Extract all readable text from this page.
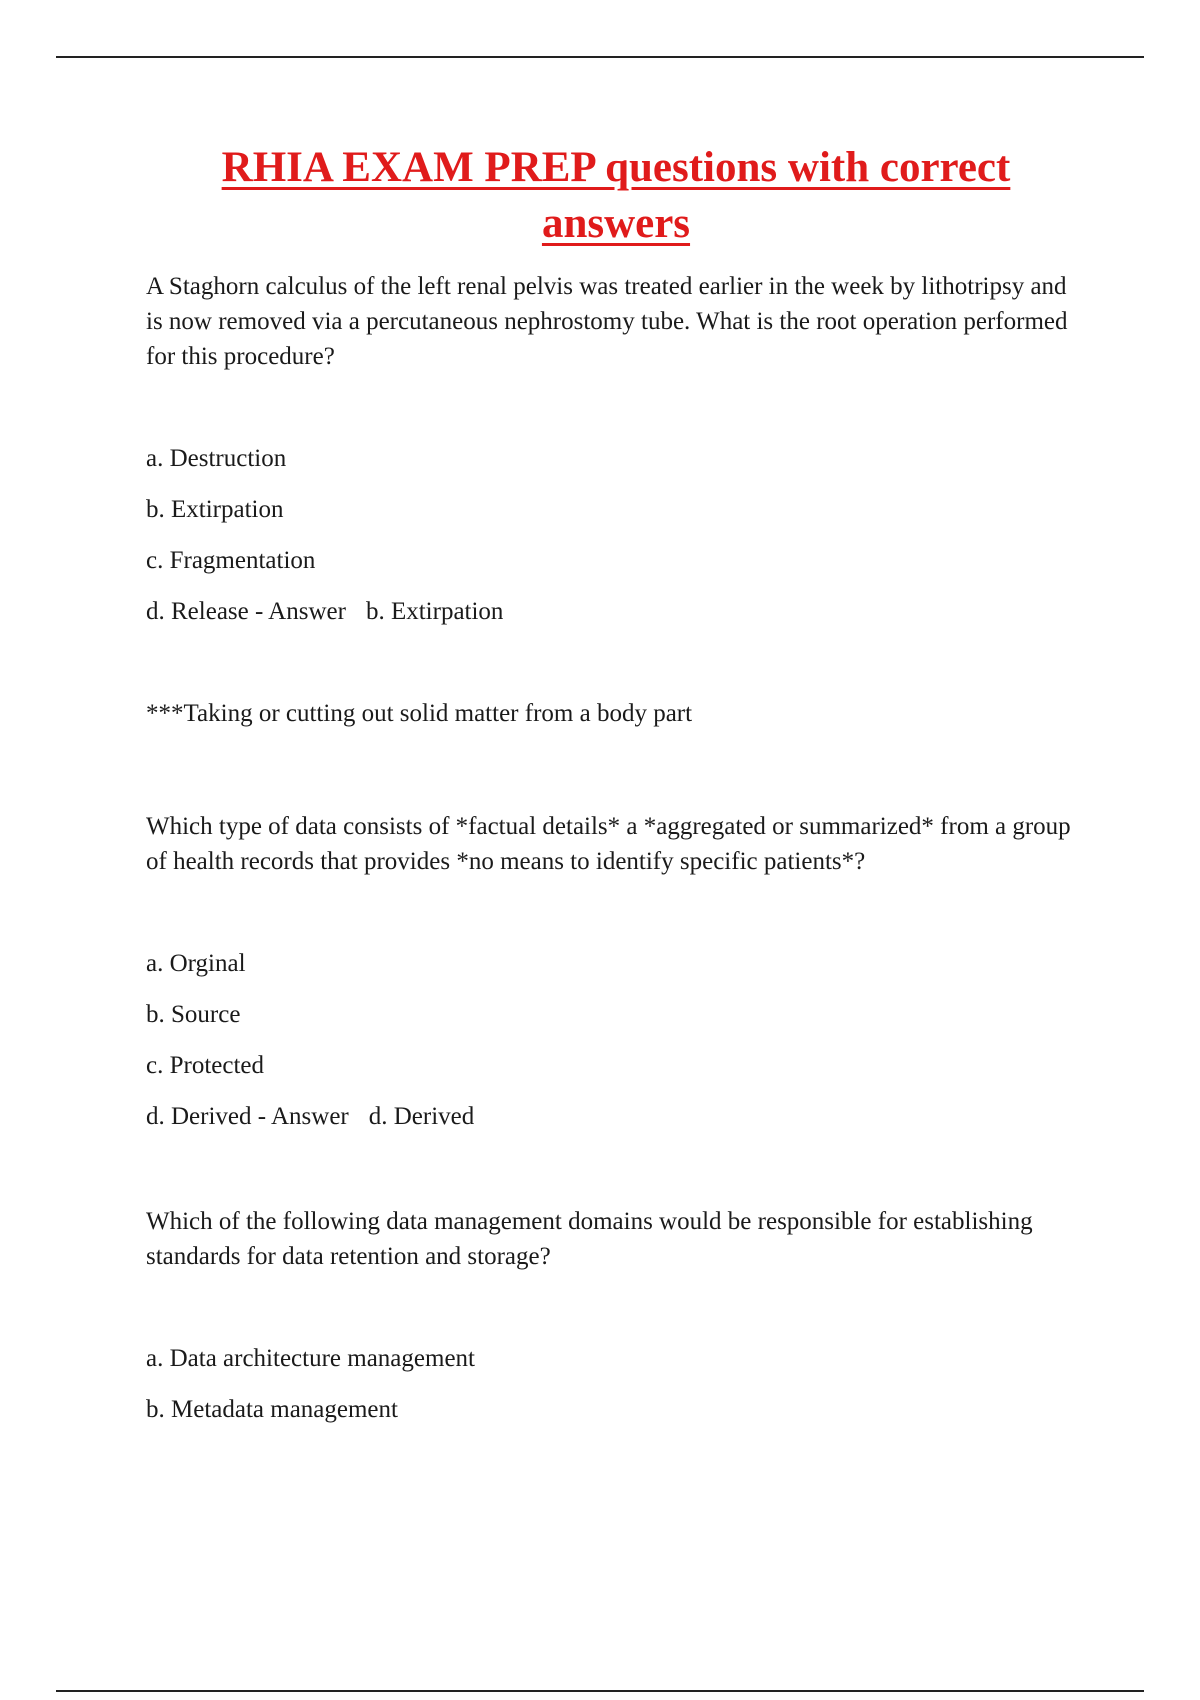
RHIA EXAM PREP questions with correct
answers

A Staghorn calculus of the left renal pelvis was treated earlier in the week by lithotripsy and is now removed via a percutaneous nephrostomy tube. What is the root operation performed for this procedure?

a. Destruction

b. Extirpation

c. Fragmentation

d. Release - Answer b. Extirpation

***Taking or cutting out solid matter from a body part

Which type of data consists of *factual details* a *aggregated or summarized* from a group of health records that provides *no means to identify specific patients*?

a. Orginal

b. Source

c. Protected

d. Derived - Answer d. Derived

Which of the following data management domains would be responsible for establishing standards for data retention and storage?

a. Data architecture management

b. Metadata management
